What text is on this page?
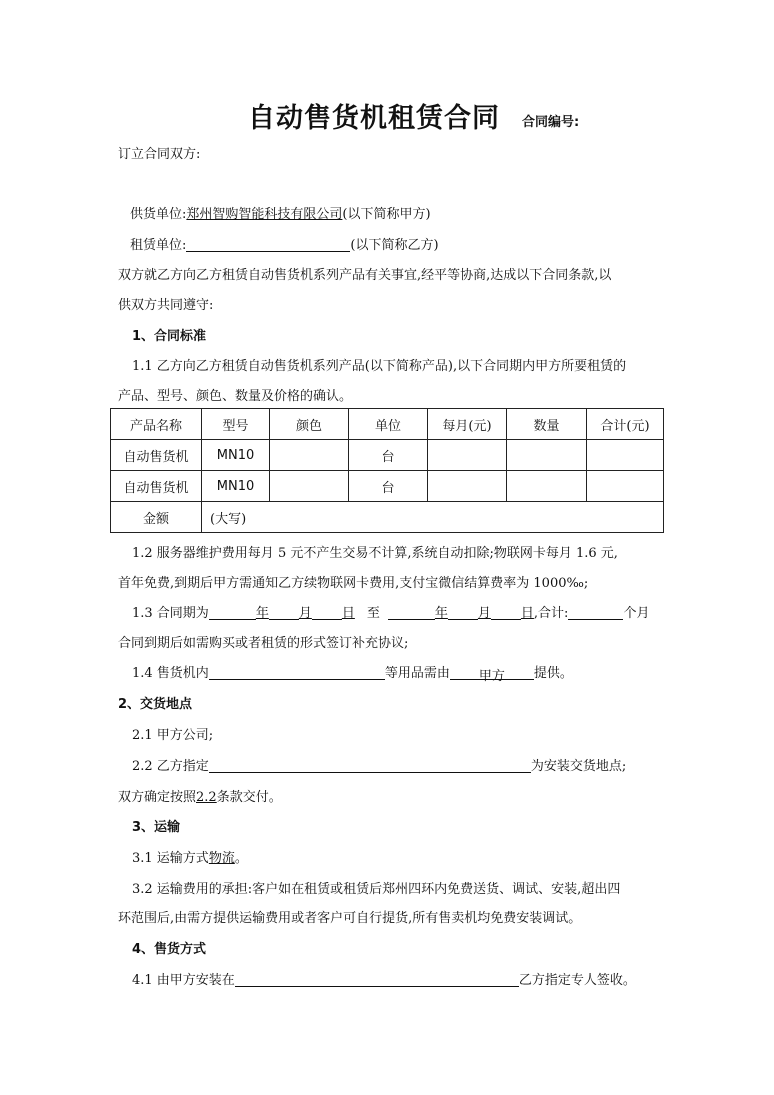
自动售货机租赁合同 合同编号:
订立合同双方:
供货单位:郑州智购智能科技有限公司(以下简称甲方)
租赁单位:	(以下简称乙方)
双方就乙方向乙方租赁自动售货机系列产品有关事宜,经平等协商,达成以下合同条款,以
供双方共同遵守:
1、合同标准
1.1 乙方向乙方租赁自动售货机系列产品(以下简称产品),以下合同期内甲方所要租赁的
产品、型号、颜色、数量及价格的确认。
产品名称	型号	颜色	单位	每月(元)	数量	合计(元)
自动售货机	MN10		台			
自动售货机	MN10		台			
金额	(大写)					
1.2 服务器维护费用每月 5 元不产生交易不计算,系统自动扣除;物联网卡每月 1.6 元,
首年免费,到期后甲方需通知乙方续物联网卡费用,支付宝微信结算费率为 1000‰;
1.3 合同期为	年 月 日 至	年 月 日,合计:	个月
合同到期后如需购买或者租赁的形式签订补充协议;
1.4 售货机内	等用品需由 甲方 提供。
2、交货地点
2.1 甲方公司;
2.2 乙方指定	为安装交货地点;
双方确定按照2.2条款交付。
3、运输
3.1 运输方式物流。
3.2 运输费用的承担:客户如在租赁或租赁后郑州四环内免费送货、调试、安装,超出四
环范围后,由需方提供运输费用或者客户可自行提货,所有售卖机均免费安装调试。
4、售货方式
4.1 由甲方安装在	乙方指定专人签收。
